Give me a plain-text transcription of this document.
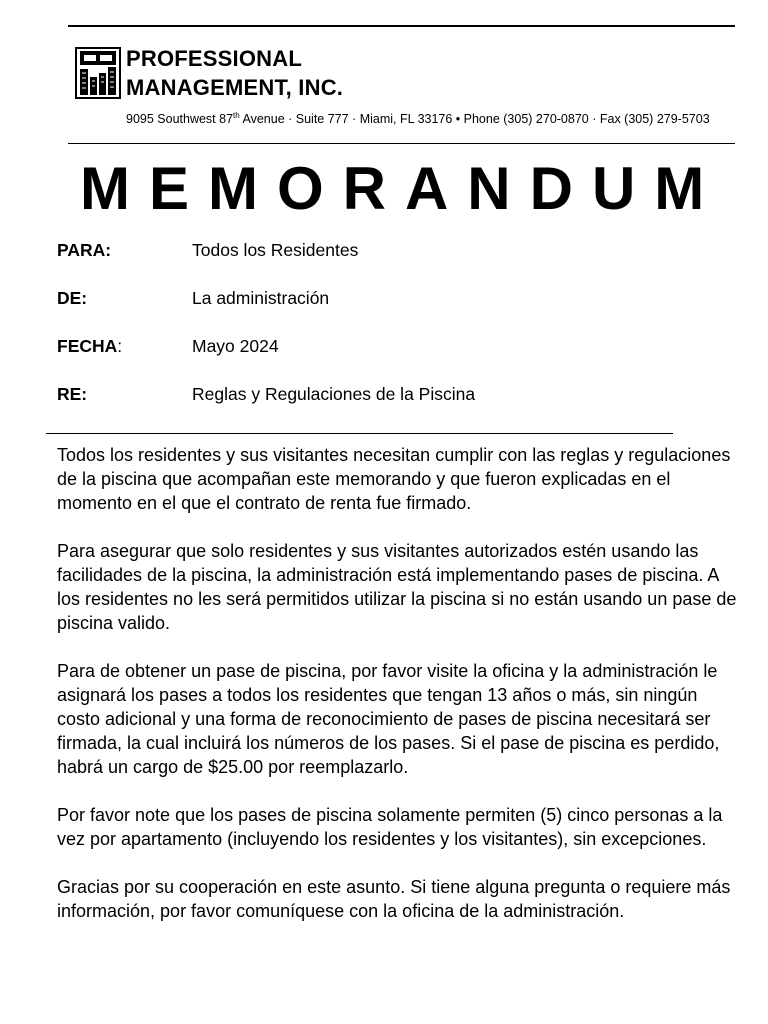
PROFESSIONAL
MANAGEMENT, INC.
9095 Southwest 87th Avenue · Suite 777 · Miami, FL 33176 • Phone (305) 270-0870 · Fax (305) 279-5703
MEMORANDUM
PARA:	Todos los Residentes
DE:	La administración
FECHA:	Mayo 2024
RE:	Reglas y Regulaciones de la Piscina

Todos los residentes y sus visitantes necesitan cumplir con las reglas y regulaciones de la piscina que acompañan este memorando y que fueron explicadas en el momento en el que el contrato de renta fue firmado.

Para asegurar que solo residentes y sus visitantes autorizados estén usando las facilidades de la piscina, la administración está implementando pases de piscina. A los residentes no les será permitidos utilizar la piscina si no están usando un pase de piscina valido.

Para de obtener un pase de piscina, por favor visite la oficina y la administración le asignará los pases a todos los residentes que tengan 13 años o más, sin ningún costo adicional y una forma de reconocimiento de pases de piscina necesitará ser firmada, la cual incluirá los números de los pases. Si el pase de piscina es perdido, habrá un cargo de $25.00 por reemplazarlo.

Por favor note que los pases de piscina solamente permiten (5) cinco personas a la vez por apartamento (incluyendo los residentes y los visitantes), sin excepciones.

Gracias por su cooperación en este asunto. Si tiene alguna pregunta o requiere más información, por favor comuníquese con la oficina de la administración.
